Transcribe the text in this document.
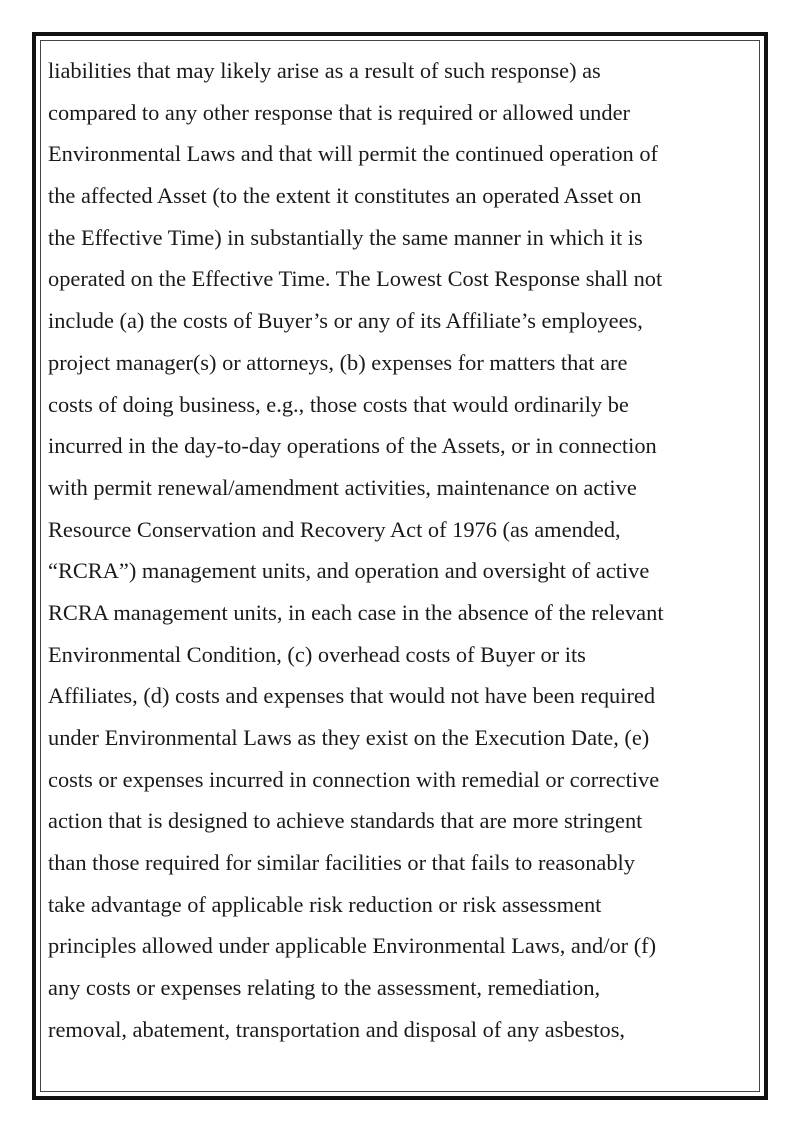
liabilities that may likely arise as a result of such response) as
compared to any other response that is required or allowed under
Environmental Laws and that will permit the continued operation of
the affected Asset (to the extent it constitutes an operated Asset on
the Effective Time) in substantially the same manner in which it is
operated on the Effective Time. The Lowest Cost Response shall not
include (a) the costs of Buyer’s or any of its Affiliate’s employees,
project manager(s) or attorneys, (b) expenses for matters that are
costs of doing business, e.g., those costs that would ordinarily be
incurred in the day-to-day operations of the Assets, or in connection
with permit renewal/amendment activities, maintenance on active
Resource Conservation and Recovery Act of 1976 (as amended,
“RCRA”) management units, and operation and oversight of active
RCRA management units, in each case in the absence of the relevant
Environmental Condition, (c) overhead costs of Buyer or its
Affiliates, (d) costs and expenses that would not have been required
under Environmental Laws as they exist on the Execution Date, (e)
costs or expenses incurred in connection with remedial or corrective
action that is designed to achieve standards that are more stringent
than those required for similar facilities or that fails to reasonably
take advantage of applicable risk reduction or risk assessment
principles allowed under applicable Environmental Laws, and/or (f)
any costs or expenses relating to the assessment, remediation,
removal, abatement, transportation and disposal of any asbestos,
